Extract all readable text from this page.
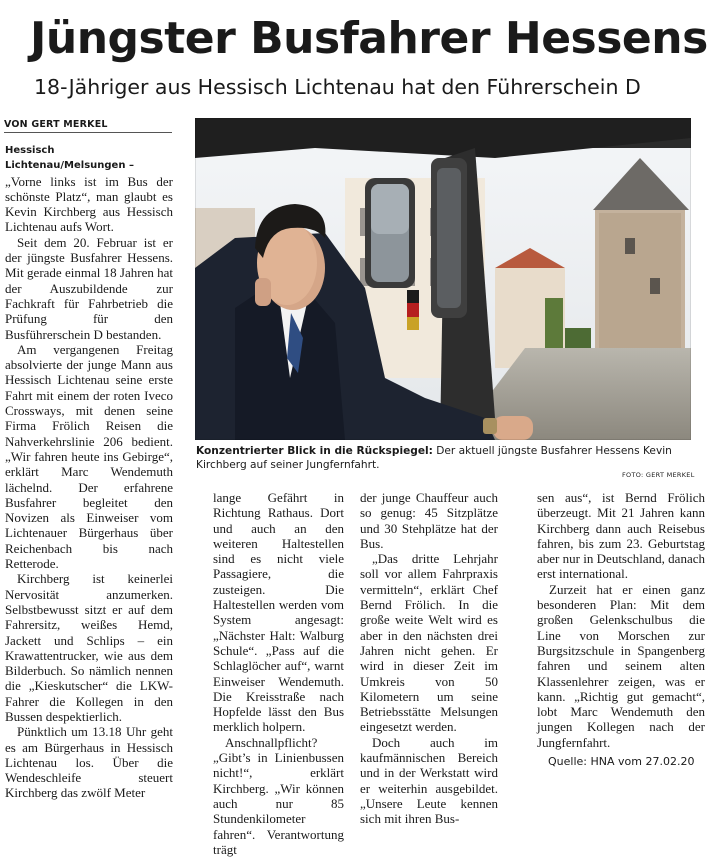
Jüngster Busfahrer Hessens
18-Jähriger aus Hessisch Lichtenau hat den Führerschein D
VON GERT MERKEL
Hessisch Lichtenau/Melsungen –

„Vorne links ist im Bus der schönste Platz“, man glaubt es Kevin Kirchberg aus Hessisch Lichtenau aufs Wort.

Seit dem 20. Februar ist er der jüngste Busfahrer Hessens. Mit gerade einmal 18 Jahren hat der Auszubildende zur Fachkraft für Fahrbetrieb die Prüfung für den Busführerschein D bestanden.

Am vergangenen Freitag absolvierte der junge Mann aus Hessisch Lichtenau seine erste Fahrt mit einem der roten Iveco Crossways, mit denen seine Firma Frölich Reisen die Nahverkehrslinie 206 bedient. „Wir fahren heute ins Gebirge“, erklärt Marc Wendemuth lächelnd. Der erfahrene Busfahrer begleitet den Novizen als Einweiser vom Lichtenauer Bürgerhaus über Reichenbach bis nach Retterode.

Kirchberg ist keinerlei Nervosität anzumerken. Selbstbewusst sitzt er auf dem Fahrersitz, weißes Hemd, Jackett und Schlips – ein Krawattentrucker, wie aus dem Bilderbuch. So nämlich nennen die „Kieskutscher“ die LKW-Fahrer die Kollegen in den Bussen despektierlich.

Pünktlich um 13.18 Uhr geht es am Bürgerhaus in Hessisch Lichtenau los. Über die Wendeschleife steuert Kirchberg das zwölf Meter

Konzentrierter Blick in die Rückspiegel: Der aktuell jüngste Busfahrer Hessens Kevin Kirchberg auf seiner Jungfernfahrt.
FOTO: GERT MERKEL

lange Gefährt in Richtung Rathaus. Dort und auch an den weiteren Haltestellen sind es nicht viele Passagiere, die zusteigen. Die Haltestellen werden vom System angesagt: „Nächster Halt: Walburg Schule“. „Pass auf die Schlaglöcher auf“, warnt Einweiser Wendemuth. Die Kreisstraße nach Hopfelde lässt den Bus merklich holpern.

Anschnallpflicht? „Gibt’s in Linienbussen nicht!“, erklärt Kirchberg. „Wir können auch nur 85 Stundenkilometer fahren“. Verantwortung trägt

der junge Chauffeur auch so genug: 45 Sitzplätze und 30 Stehplätze hat der Bus.

„Das dritte Lehrjahr soll vor allem Fahrpraxis vermitteln“, erklärt Chef Bernd Frölich. In die große weite Welt wird es aber in den nächsten drei Jahren nicht gehen. Er wird in dieser Zeit im Umkreis von 50 Kilometern um seine Betriebsstätte Melsungen eingesetzt werden.

Doch auch im kaufmännischen Bereich und in der Werkstatt wird er weiterhin ausgebildet. „Unsere Leute kennen sich mit ihren Bus-

sen aus“, ist Bernd Frölich überzeugt. Mit 21 Jahren kann Kirchberg dann auch Reisebus fahren, bis zum 23. Geburtstag aber nur in Deutschland, danach erst international.

Zurzeit hat er einen ganz besonderen Plan: Mit dem großen Gelenkschulbus die Line von Morschen zur Burgsitzschule in Spangenberg fahren und seinem alten Klassenlehrer zeigen, was er kann. „Richtig gut gemacht“, lobt Marc Wendemuth den jungen Kollegen nach der Jungfernfahrt.

Quelle: HNA vom 27.02.20
